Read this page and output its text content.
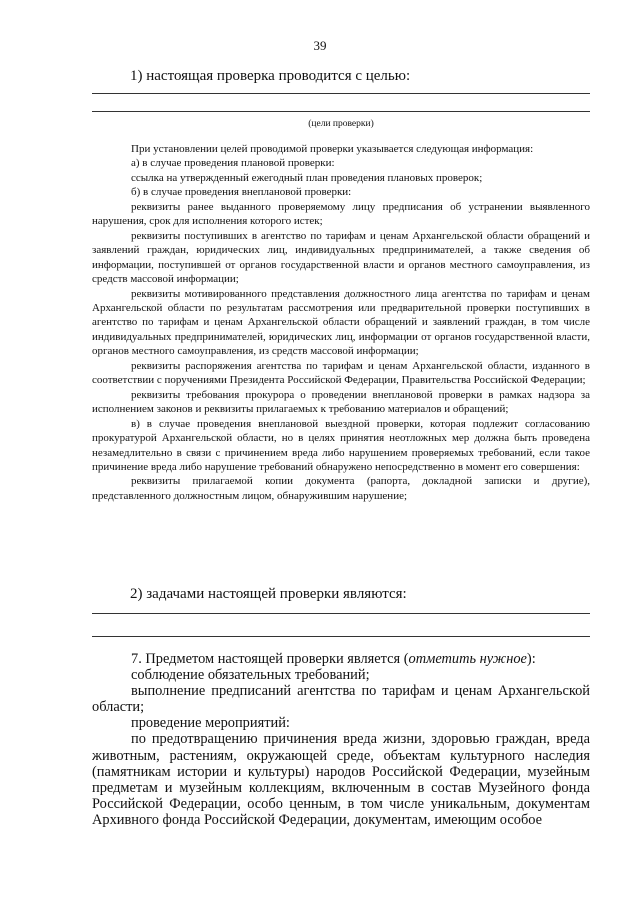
39
1) настоящая проверка проводится с целью:
(цели проверки)

При установлении целей проводимой проверки указывается следующая информация:

а) в случае проведения плановой проверки:

ссылка на утвержденный ежегодный план проведения плановых проверок;

б) в случае проведения внеплановой проверки:

реквизиты ранее выданного проверяемому лицу предписания об устранении выявленного нарушения, срок для исполнения которого истек;

реквизиты поступивших в агентство по тарифам и ценам Архангельской области обращений и заявлений граждан, юридических лиц, индивидуальных предпринимателей, а также сведения об информации, поступившей от органов государственной власти и органов местного самоуправления, из средств массовой информации;

реквизиты мотивированного представления должностного лица агентства по тарифам и ценам Архангельской области по результатам рассмотрения или предварительной проверки поступивших в агентство по тарифам и ценам Архангельской области обращений и заявлений граждан, в том числе индивидуальных предпринимателей, юридических лиц, информации от органов государственной власти, органов местного самоуправления, из средств массовой информации;

реквизиты распоряжения агентства по тарифам и ценам Архангельской области, изданного в соответствии с поручениями Президента Российской Федерации, Правительства Российской Федерации;

реквизиты требования прокурора о проведении внеплановой проверки в рамках надзора за исполнением законов и реквизиты прилагаемых к требованию материалов и обращений;

в) в случае проведения внеплановой выездной проверки, которая подлежит согласованию прокуратурой Архангельской области, но в целях принятия неотложных мер должна быть проведена незамедлительно в связи с причинением вреда либо нарушением проверяемых требований, если такое причинение вреда либо нарушение требований обнаружено непосредственно в момент его совершения:

реквизиты прилагаемой копии документа (рапорта, докладной записки и другие), представленного должностным лицом, обнаружившим нарушение;

2) задачами настоящей проверки являются:

7. Предметом настоящей проверки является (отметить нужное):

соблюдение обязательных требований;

выполнение предписаний агентства по тарифам и ценам Архангельской области;

проведение мероприятий:

по предотвращению причинения вреда жизни, здоровью граждан, вреда животным, растениям, окружающей среде, объектам культурного наследия (памятникам истории и культуры) народов Российской Федерации, музейным предметам и музейным коллекциям, включенным в состав Музейного фонда Российской Федерации, особо ценным, в том числе уникальным, документам Архивного фонда Российской Федерации, документам, имеющим особое
